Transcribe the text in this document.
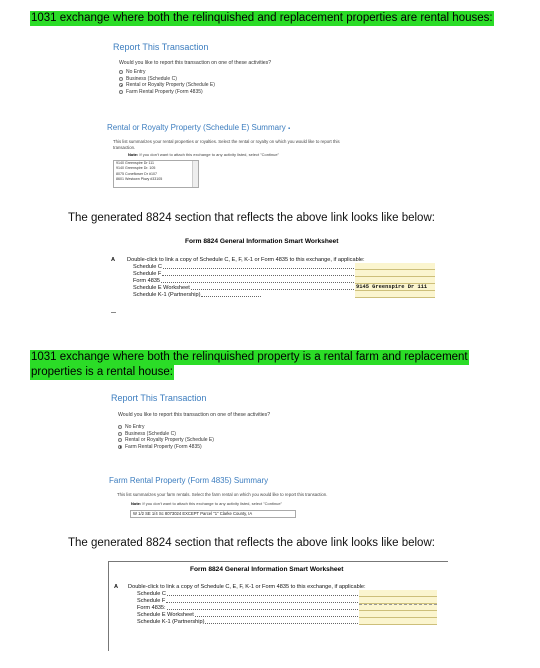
1031 exchange where both the relinquished and replacement properties are rental houses:
Report This Transaction
Would you like to report this transaction on one of these activities?
No Entry
Business (Schedule C)
Rental or Royalty Property (Schedule E)
Farm Rental Property (Form 4835)
Rental or Royalty Property (Schedule E) Summary ▪
This list summarizes your rental properties or royalties. Select the rental or royalty on which you would like to report this transaction.
Note: If you don't want to attach this exchange to any activity listed, select "Continue"
9140 Greenspire Dr 111
9140 Greenspire Dr. 105
8075 Coneflower Dr #107
8601 Westown Pkwy #33105
The generated 8824 section that reflects the above link looks like below:
Form 8824 General Information Smart Worksheet
A Double-click to link a copy of Schedule C, E, F, K-1 or Form 4835 to this exchange, if applicable:
Schedule C
Schedule F
Form 4835
Schedule E Worksheet
Schedule K-1 (Partnership)
9145 Greenspire Dr 111
1031 exchange where both the relinquished property is a rental farm and replacement
properties is a rental house:
Report This Transaction
Would you like to report this transaction on one of these activities?
No Entry
Business (Schedule C)
Rental or Royalty Property (Schedule E)
Farm Rental Property (Form 4835)
Farm Rental Property (Form 4835) Summary
This list summarizes your farm rentals. Select the farm rental on which you would like to report this transaction.
Note: If you don't want to attach this exchange to any activity listed, select "Continue"
W 1/2 SE 1/4 Sc 8073024 EXCEPT Parcel "1" Clarke County, IA
The generated 8824 section that reflects the above link looks like below:
Form 8824 General Information Smart Worksheet
A Double-click to link a copy of Schedule C, E, F, K-1 or Form 4835 to this exchange, if applicable:
Schedule C
Schedule F
Form 4835:
Schedule E Worksheet
Schedule K-1 (Partnership)
